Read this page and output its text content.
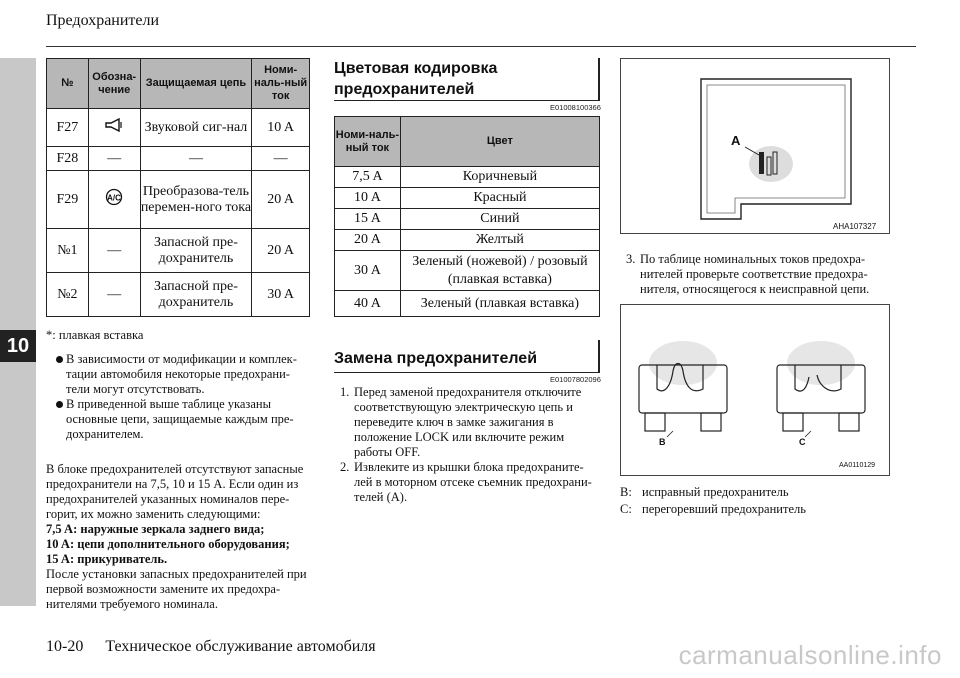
10
Предохранители
№	Обозна-чение	Защищаемая цепь	Номи-наль-ный ток
F27		Звуковой сиг-нал	10 A
F28	—	—	—
F29	A/C	Преобразова-тель перемен-ного тока	20 A
№1	—	Запасной пре-дохранитель	20 A
№2	—	Запасной пре-дохранитель	30 A
*: плавкая вставка
В зависимости от модификации и комплек-тации автомобиля некоторые предохрани-тели могут отсутствовать.
В приведенной выше таблице указаны основные цепи, защищаемые каждым пре-дохранителем.
В блоке предохранителей отсутствуют запасные предохранители на 7,5, 10 и 15 A. Если один из предохранителей указанных номиналов пере-горит, их можно заменить следующими:
7,5 A: наружные зеркала заднего вида;
10 A: цепи дополнительного оборудования;
15 A: прикуриватель.
После установки запасных предохранителей при первой возможности замените их предохра-нителями требуемого номинала.
Цветовая кодировка предохранителей
E01008100366
Номи-наль-ный ток	Цвет
7,5 A	Коричневый
10 A	Красный
15 A	Синий
20 A	Желтый
30 A	Зеленый (ножевой) / розовый (плавкая вставка)
40 A	Зеленый (плавкая вставка)
Замена предохранителей
E01007802096
1. Перед заменой предохранителя отключите соответствующую электрическую цепь и переведите ключ в замке зажигания в положение LOCK или включите режим работы OFF.
2. Извлеките из крышки блока предохраните-лей в моторном отсеке съемник предохрани-телей (A).
A
AHA107327
3. По таблице номинальных токов предохра-нителей проверьте соответствие предохра-нителя, относящегося к неисправной цепи.
B	C
AA0110129
B: исправный предохранитель
C: перегоревший предохранитель
10-20 Техническое обслуживание автомобиля	carmanualsonline.info
